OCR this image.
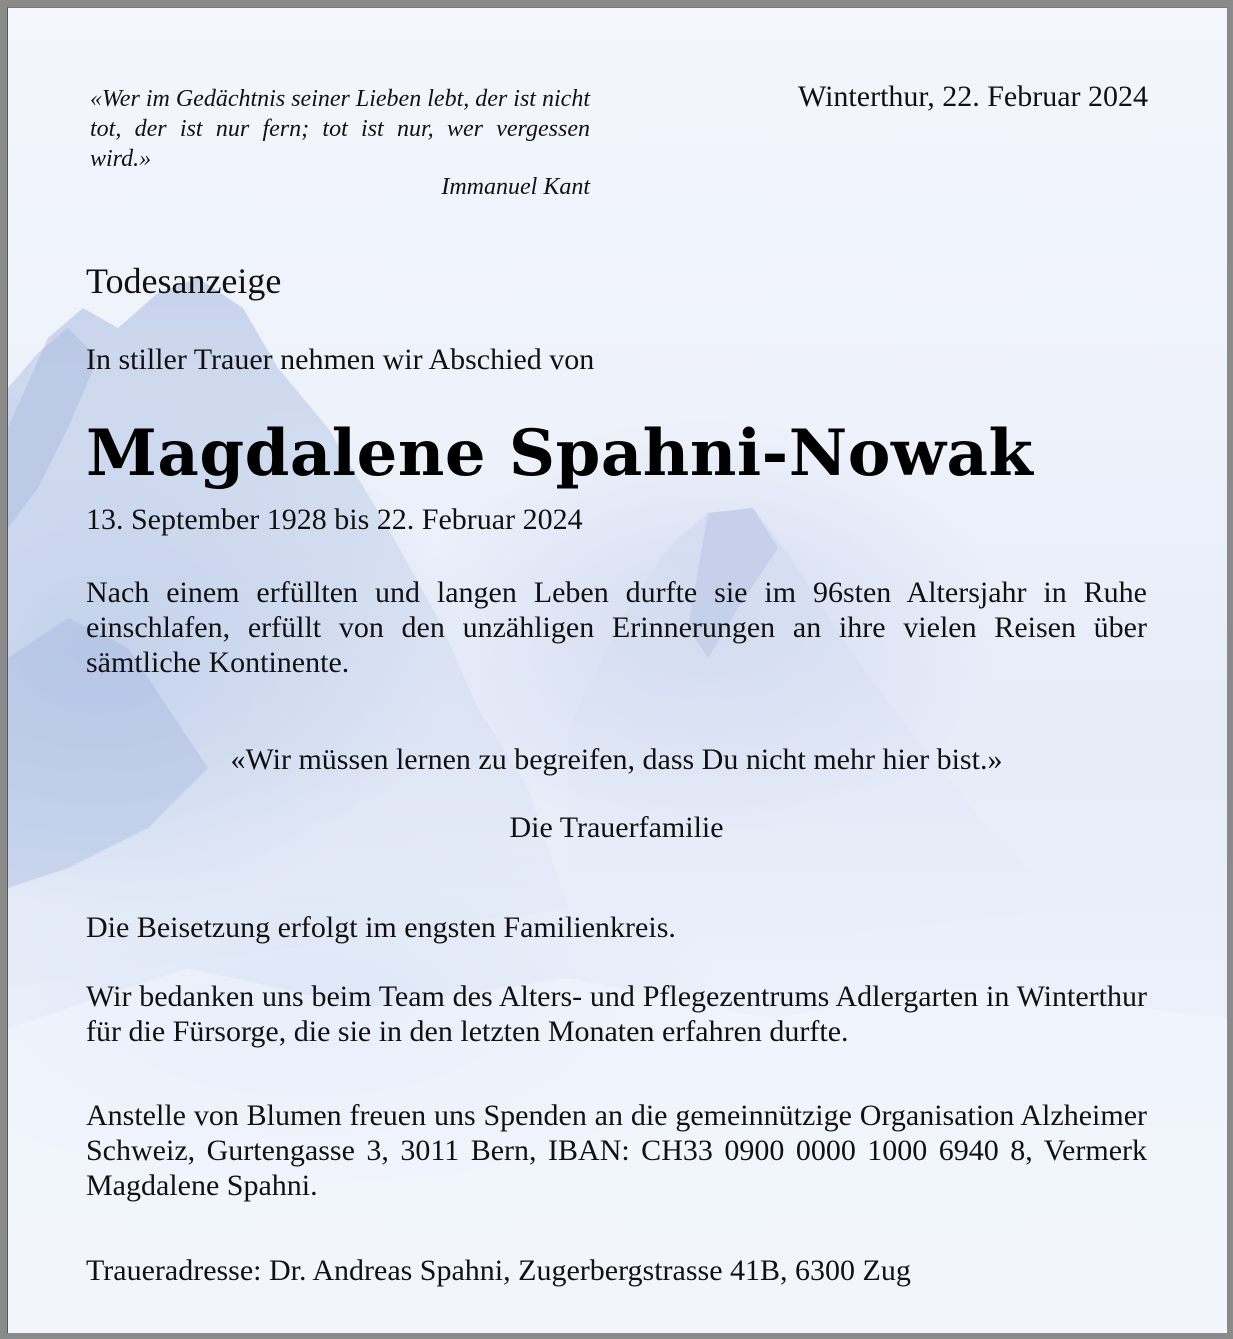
«Wer im Gedächtnis seiner Lieben lebt, der ist nicht tot, der ist nur fern; tot ist nur, wer vergessen wird.»
Immanuel Kant
Winterthur, 22. Februar 2024
Todesanzeige
In stiller Trauer nehmen wir Abschied von
Magdalene Spahni-Nowak
13. September 1928 bis 22. Februar 2024
Nach einem erfüllten und langen Leben durfte sie im 96sten Altersjahr in Ruhe einschlafen, erfüllt von den unzähligen Erinnerungen an ihre vielen Reisen über sämtliche Kontinente.
«Wir müssen lernen zu begreifen, dass Du nicht mehr hier bist.»
Die Trauerfamilie
Die Beisetzung erfolgt im engsten Familienkreis.
Wir bedanken uns beim Team des Alters- und Pflegezentrums Adlergarten in Winterthur für die Fürsorge, die sie in den letzten Monaten erfahren durfte.
Anstelle von Blumen freuen uns Spenden an die gemeinnützige Organisation Alzheimer Schweiz, Gurtengasse 3, 3011 Bern, IBAN: CH33 0900 0000 1000 6940 8, Vermerk Magdalene Spahni.
Traueradresse: Dr. Andreas Spahni, Zugerbergstrasse 41B, 6300 Zug
